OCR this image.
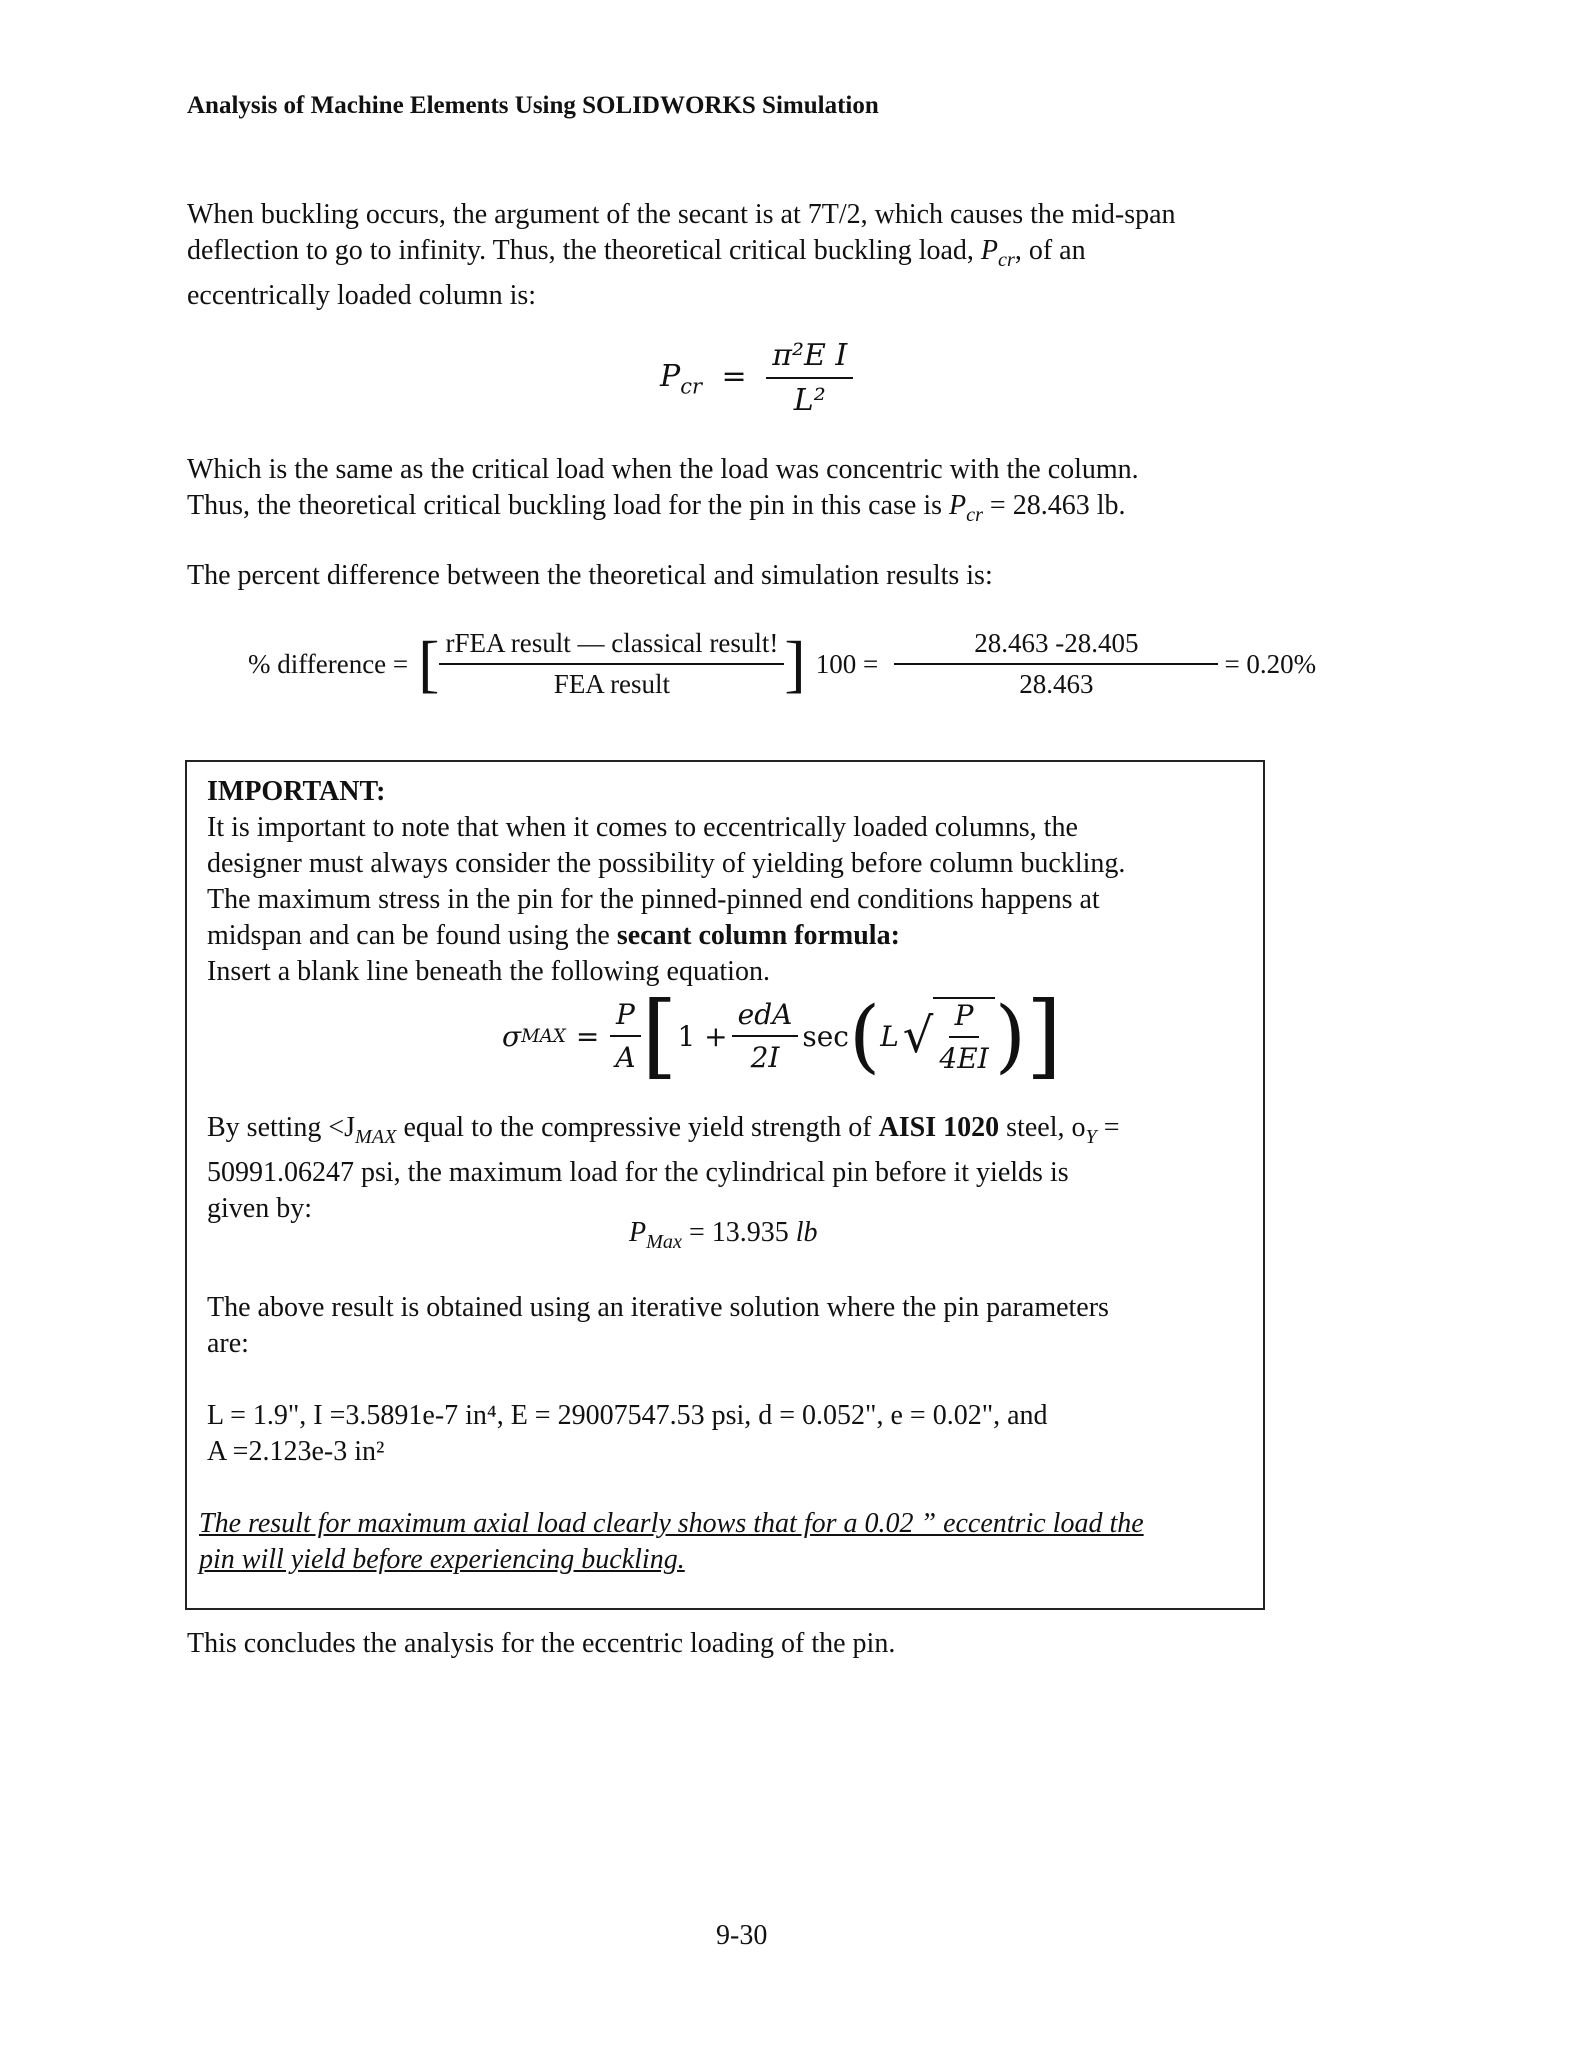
Analysis of Machine Elements Using SOLIDWORKS Simulation
When buckling occurs, the argument of the secant is at 7T/2, which causes the mid-span
deflection to go to infinity. Thus, the theoretical critical buckling load, $P_{cr}$, of an
eccentrically loaded column is:
$P_{cr} = \frac{\text{π²E I}}{\text{L²}}$
Which is the same as the critical load when the load was concentric with the column.
Thus, the theoretical critical buckling load for the pin in this case is $P_{cr} = 28.463$ lb.
The percent difference between the theoretical and simulation results is:
% difference = [ $\frac{\text{rFEA result — classical result!}}{\text{FEA result}}$ ] $100 = \frac{28.463 -28.405}{28.463} = 0.20\%$
IMPORTANT:
It is important to note that when it comes to eccentrically loaded columns, the
designer must always consider the possibility of yielding before column buckling.
The maximum stress in the pin for the pinned-pinned end conditions happens at
midspan and can be found using the secant column formula:
Insert a blank line beneath the following equation.
σ MAX = $\frac{P}{A}$ [ $1 + \frac{\text{edA}}{2I}$ sec ( L √ $\frac{P}{4EI}$ ) ]
By setting $<J_{MAX}$ equal to the compressive yield strength of AISI 1020 steel, $o_Y$ =
50991.06247 psi, the maximum load for the cylindrical pin before it yields is
given by:
$P_{Max} = 13.935$ lb
The above result is obtained using an iterative solution where the pin parameters
are:
L = 1.9", I =3.5891e-7 in⁴, E = 29007547.53 psi, d = 0.052", e = 0.02", and
A =2.123e-3 in²
The result for maximum axial load clearly shows that for a 0.02 ” eccentric load the
pin will yield before experiencing buckling.
This concludes the analysis for the eccentric loading of the pin.
9-30
